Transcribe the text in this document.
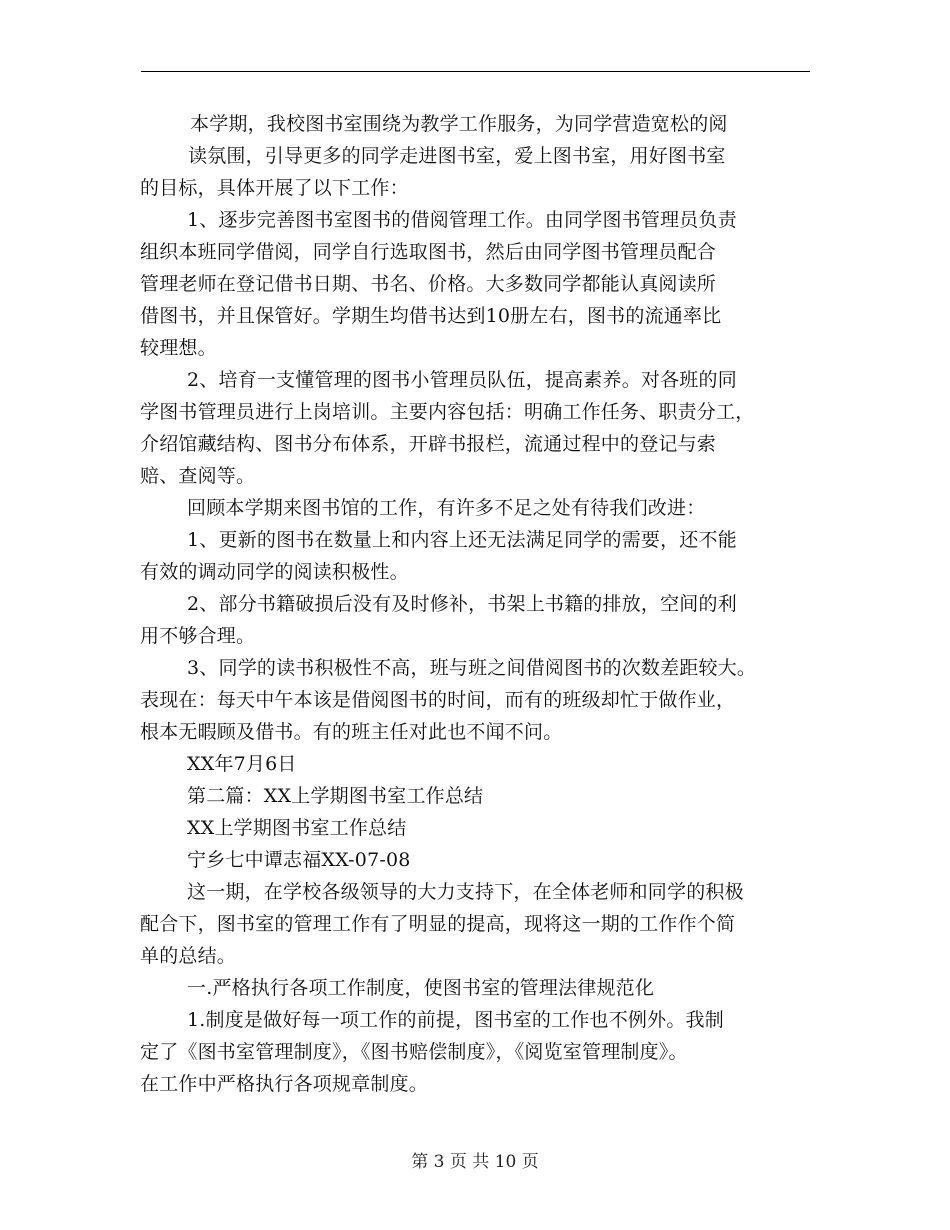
本学期，我校图书室围绕为教学工作服务，为同学营造宽松的阅
读氛围，引导更多的同学走进图书室，爱上图书室，用好图书室
的目标，具体开展了以下工作：
1、逐步完善图书室图书的借阅管理工作。由同学图书管理员负责
组织本班同学借阅，同学自行选取图书，然后由同学图书管理员配合
管理老师在登记借书日期、书名、价格。大多数同学都能认真阅读所
借图书，并且保管好。学期生均借书达到10册左右，图书的流通率比
较理想。
2、培育一支懂管理的图书小管理员队伍，提高素养。对各班的同
学图书管理员进行上岗培训。主要内容包括：明确工作任务、职责分工，
介绍馆藏结构、图书分布体系，开辟书报栏，流通过程中的登记与索
赔、查阅等。
回顾本学期来图书馆的工作，有许多不足之处有待我们改进：
1、更新的图书在数量上和内容上还无法满足同学的需要，还不能
有效的调动同学的阅读积极性。
2、部分书籍破损后没有及时修补，书架上书籍的排放，空间的利
用不够合理。
3、同学的读书积极性不高，班与班之间借阅图书的次数差距较大。
表现在：每天中午本该是借阅图书的时间，而有的班级却忙于做作业，
根本无暇顾及借书。有的班主任对此也不闻不问。
XX年7月6日
第二篇：XX上学期图书室工作总结
XX上学期图书室工作总结
宁乡七中谭志福XX-07-08
这一期，在学校各级领导的大力支持下，在全体老师和同学的积极
配合下，图书室的管理工作有了明显的提高，现将这一期的工作作个简
单的总结。
一.严格执行各项工作制度，使图书室的管理法律规范化
1.制度是做好每一项工作的前提，图书室的工作也不例外。我制
定了《图书室管理制度》，《图书赔偿制度》，《阅览室管理制度》。
在工作中严格执行各项规章制度。
第 3 页 共 10 页
